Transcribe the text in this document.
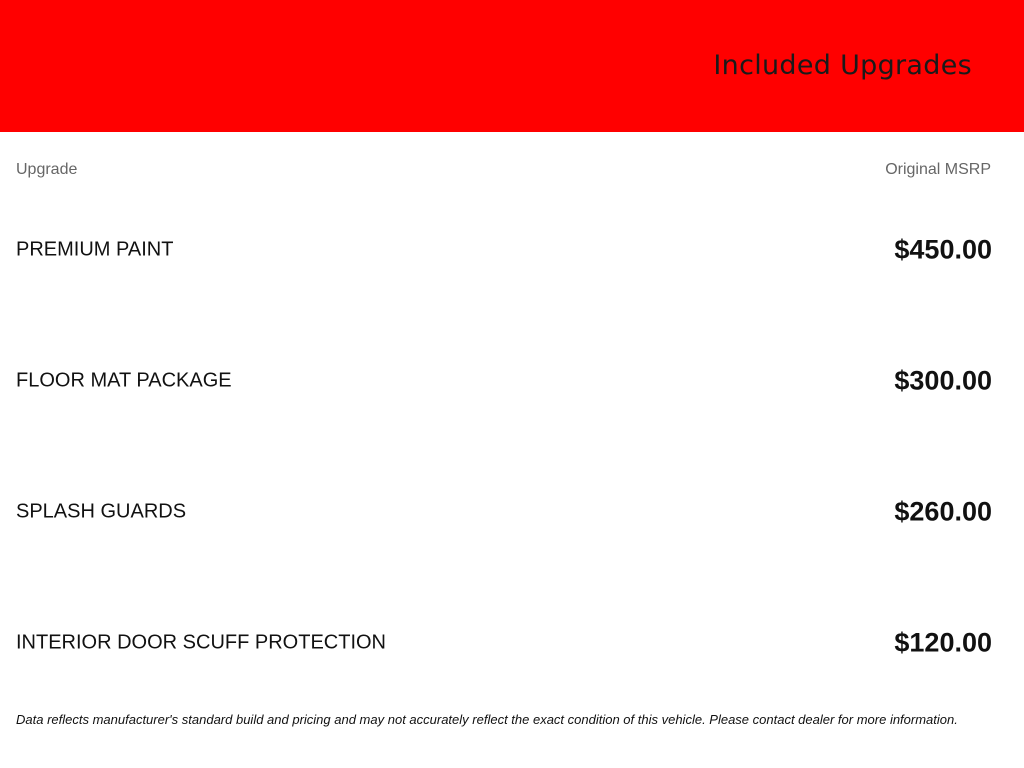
Included Upgrades
Upgrade	Original MSRP
PREMIUM PAINT	$450.00
FLOOR MAT PACKAGE	$300.00
SPLASH GUARDS	$260.00
INTERIOR DOOR SCUFF PROTECTION	$120.00
Data reflects manufacturer's standard build and pricing and may not accurately reflect the exact condition of this vehicle. Please contact dealer for more information.
